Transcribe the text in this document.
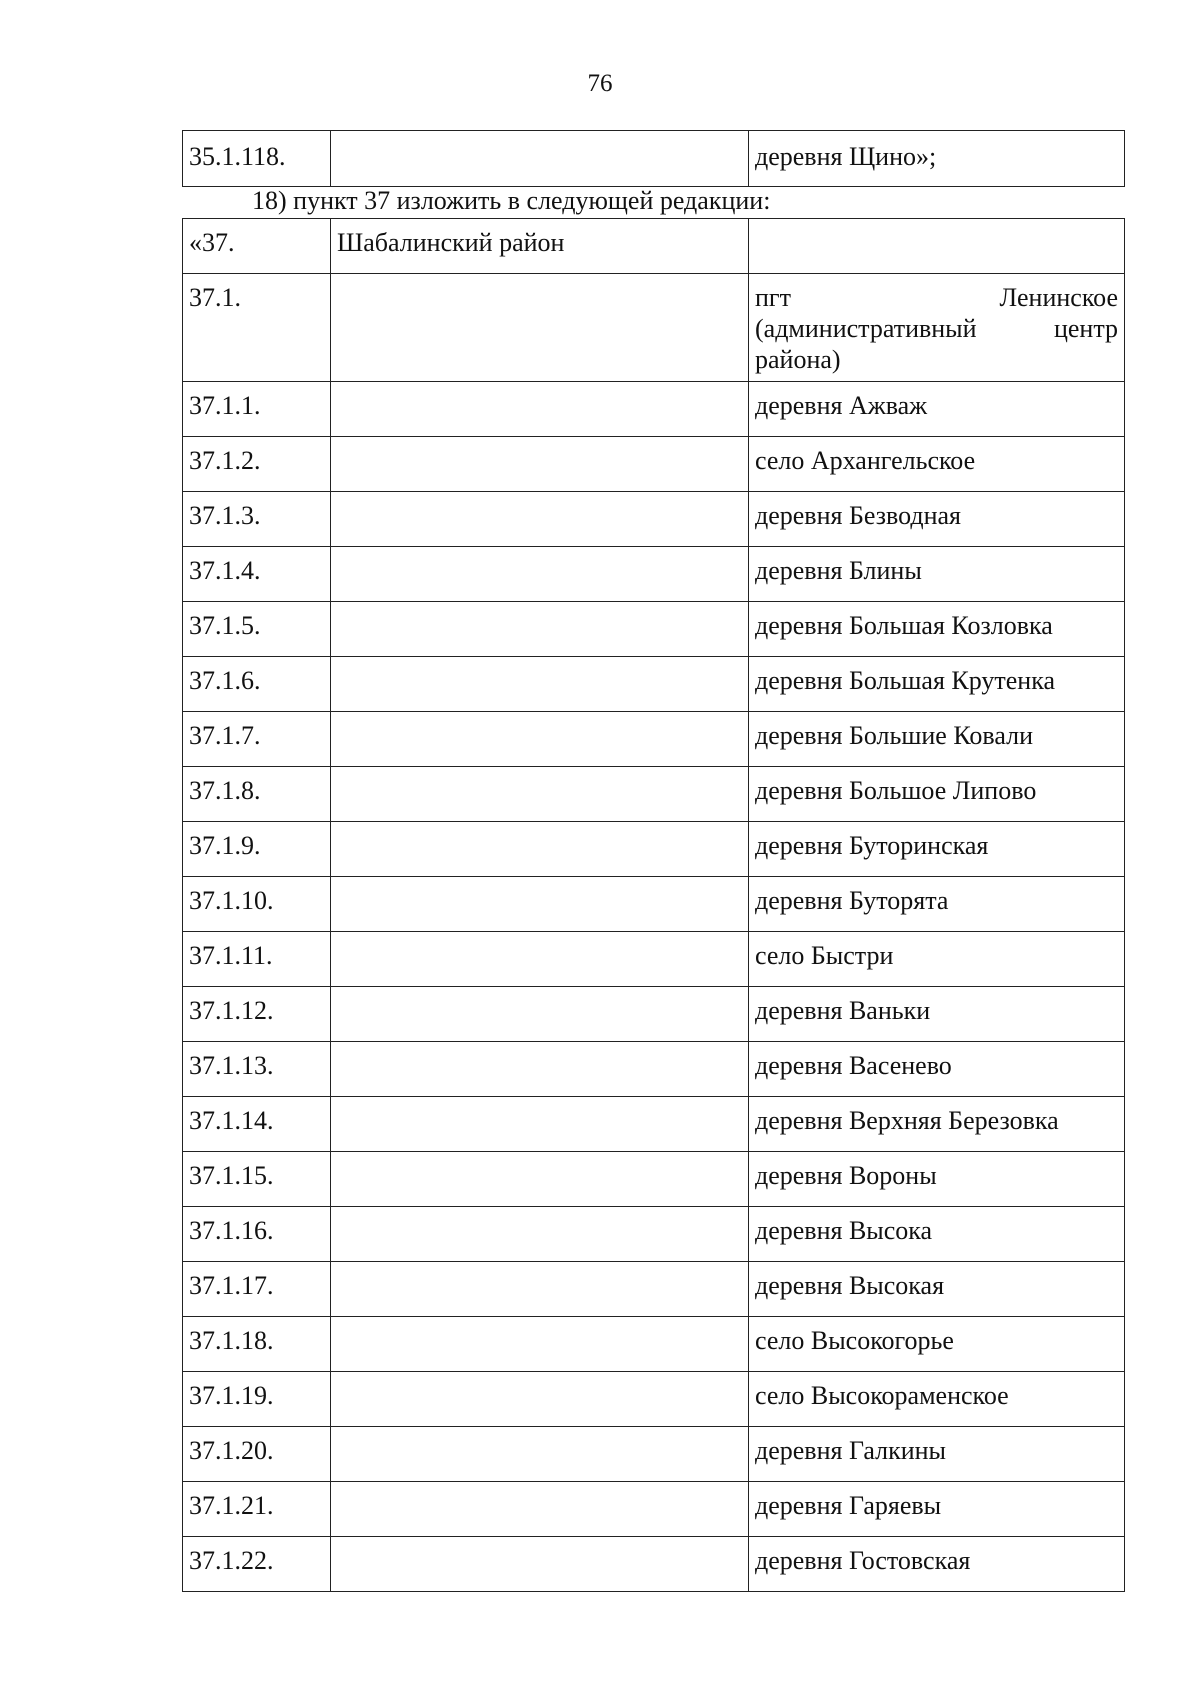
76
35.1.118.		деревня Щино»;
18) пункт 37 изложить в следующей редакции:
«37.	Шабалинский район	
37.1.		пгт Ленинское
(административный центр
района)
37.1.1.		деревня Ажваж
37.1.2.		село Архангельское
37.1.3.		деревня Безводная
37.1.4.		деревня Блины
37.1.5.		деревня Большая Козловка
37.1.6.		деревня Большая Крутенка
37.1.7.		деревня Большие Ковали
37.1.8.		деревня Большое Липово
37.1.9.		деревня Буторинская
37.1.10.		деревня Буторята
37.1.11.		село Быстри
37.1.12.		деревня Ваньки
37.1.13.		деревня Васенево
37.1.14.		деревня Верхняя Березовка
37.1.15.		деревня Вороны
37.1.16.		деревня Высока
37.1.17.		деревня Высокая
37.1.18.		село Высокогорье
37.1.19.		село Высокораменское
37.1.20.		деревня Галкины
37.1.21.		деревня Гаряевы
37.1.22.		деревня Гостовская
